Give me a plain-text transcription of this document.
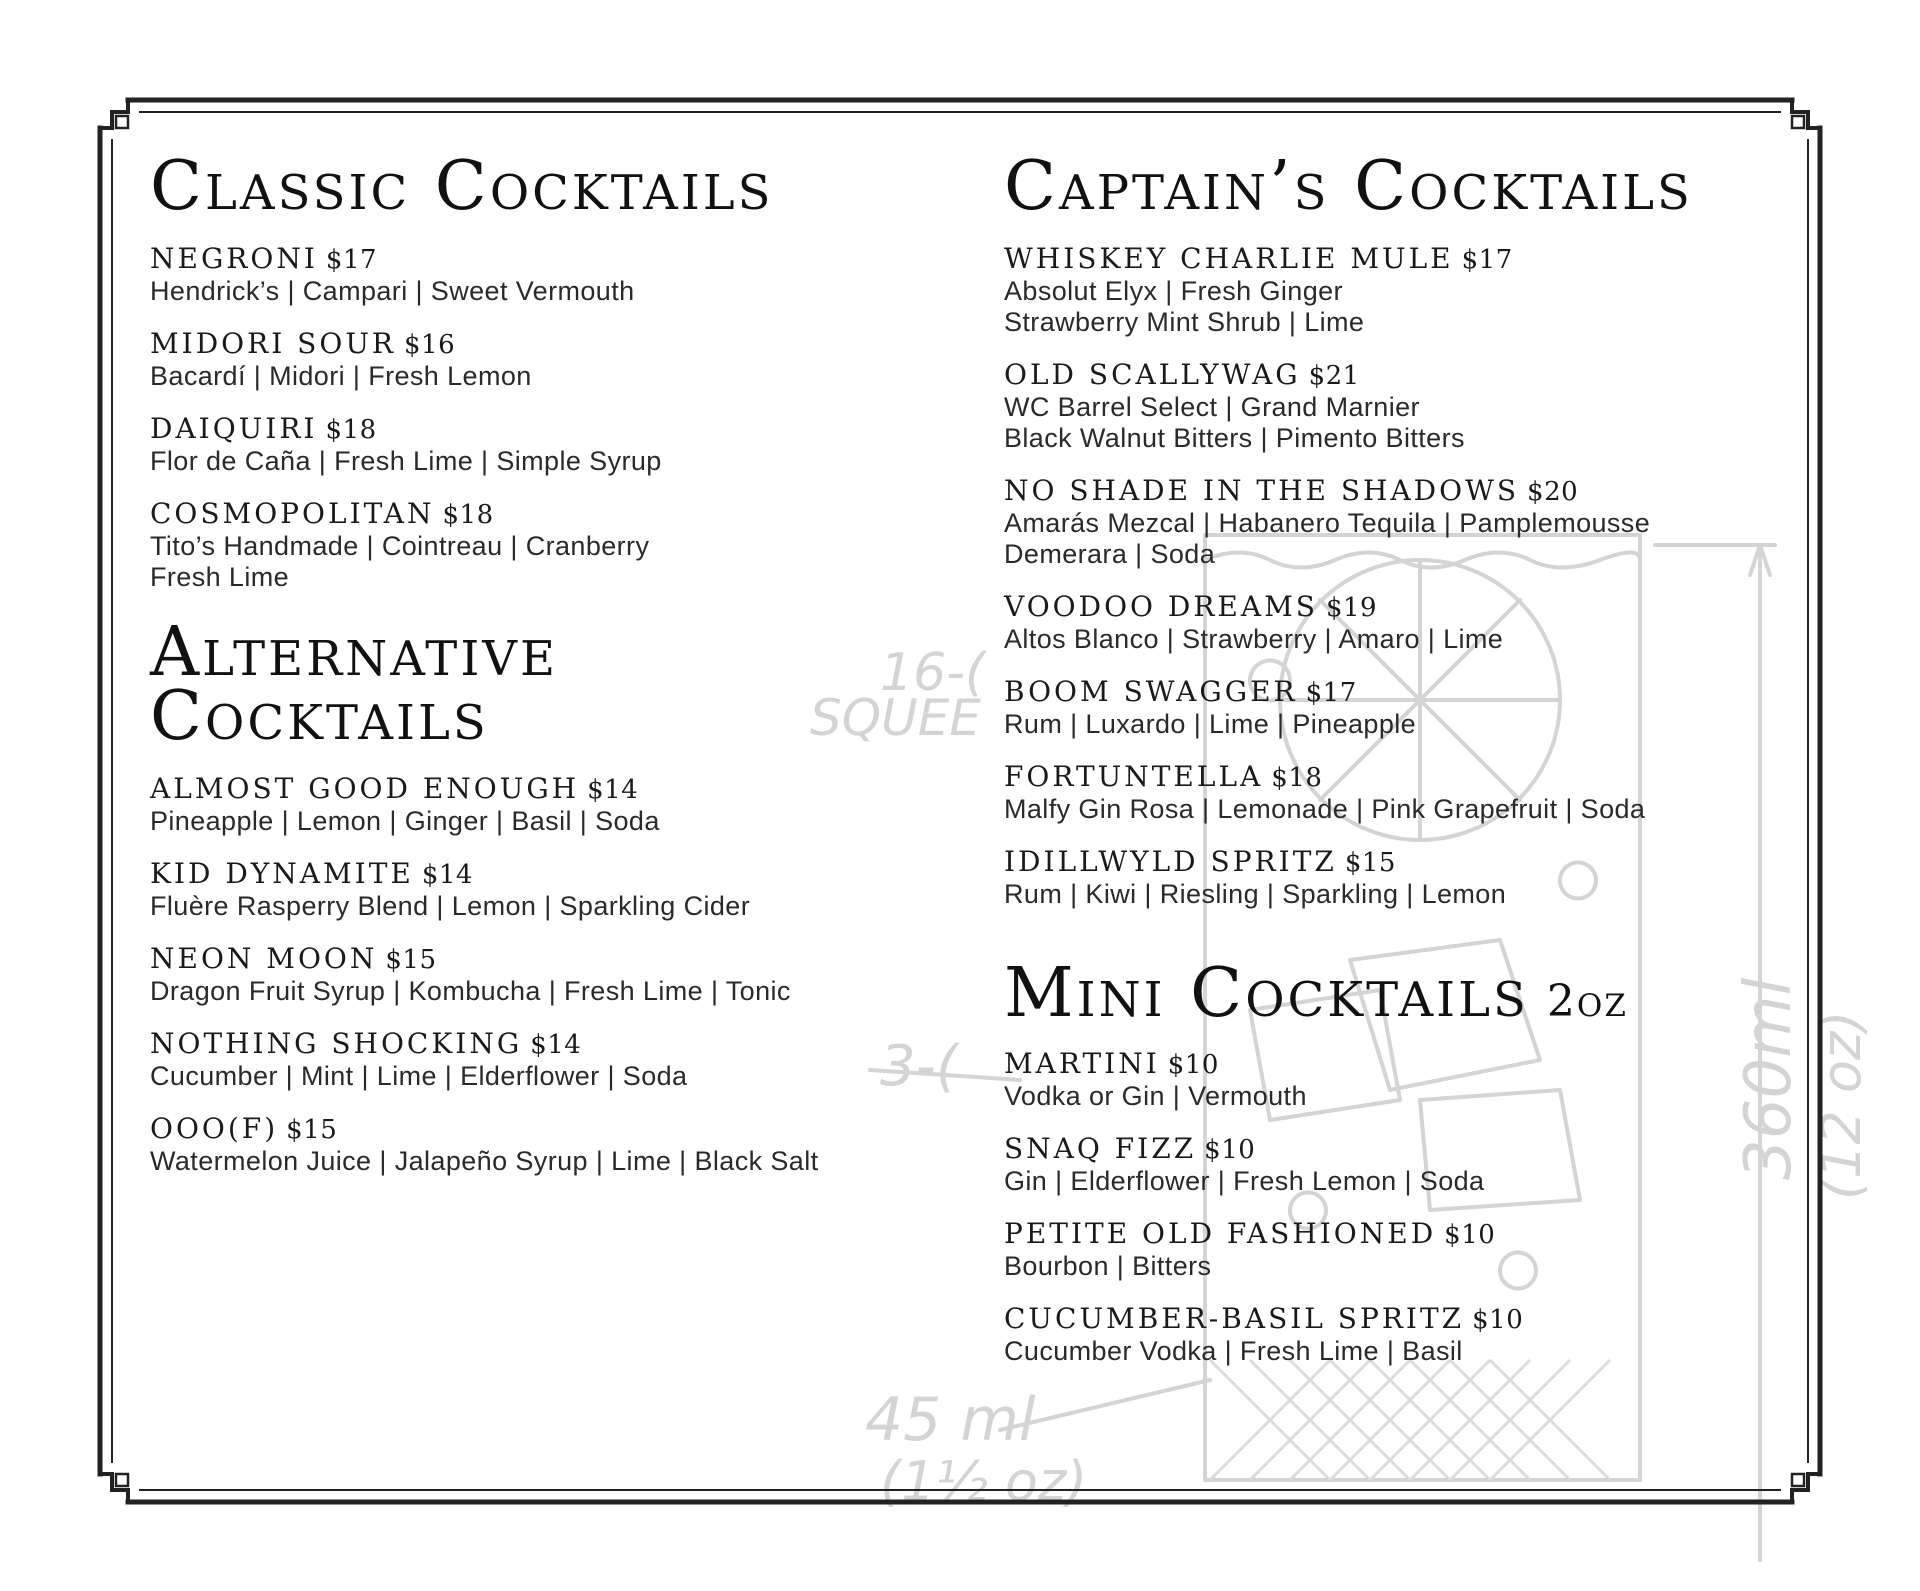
16-(
SQUEE
3-(
45 ml
(1½ oz)
360ml (12 oz)
Classic Cocktails
NEGRONI $17
Hendrick’s | Campari | Sweet Vermouth
MIDORI SOUR $16
Bacardí | Midori | Fresh Lemon
DAIQUIRI $18
Flor de Caña | Fresh Lime | Simple Syrup
COSMOPOLITAN $18
Tito’s Handmade | Cointreau | Cranberry
Fresh Lime
Alternative
Cocktails
ALMOST GOOD ENOUGH $14
Pineapple | Lemon | Ginger | Basil | Soda
KID DYNAMITE $14
Fluère Rasperry Blend | Lemon | Sparkling Cider
NEON MOON $15
Dragon Fruit Syrup | Kombucha | Fresh Lime | Tonic
NOTHING SHOCKING $14
Cucumber | Mint | Lime | Elderflower | Soda
OOO(F) $15
Watermelon Juice | Jalapeño Syrup | Lime | Black Salt
Captain’s Cocktails
WHISKEY CHARLIE MULE $17
Absolut Elyx | Fresh Ginger
Strawberry Mint Shrub | Lime
OLD SCALLYWAG $21
WC Barrel Select | Grand Marnier
Black Walnut Bitters | Pimento Bitters
NO SHADE IN THE SHADOWS $20
Amarás Mezcal | Habanero Tequila | Pamplemousse
Demerara | Soda
VOODOO DREAMS $19
Altos Blanco | Strawberry | Amaro | Lime
BOOM SWAGGER $17
Rum | Luxardo | Lime | Pineapple
FORTUNTELLA $18
Malfy Gin Rosa | Lemonade | Pink Grapefruit | Soda
IDILLWYLD SPRITZ $15
Rum | Kiwi | Riesling | Sparkling | Lemon
Mini Cocktails 2oz
MARTINI $10
Vodka or Gin | Vermouth
SNAQ FIZZ $10
Gin | Elderflower | Fresh Lemon | Soda
PETITE OLD FASHIONED $10
Bourbon | Bitters
CUCUMBER-BASIL SPRITZ $10
Cucumber Vodka | Fresh Lime | Basil
